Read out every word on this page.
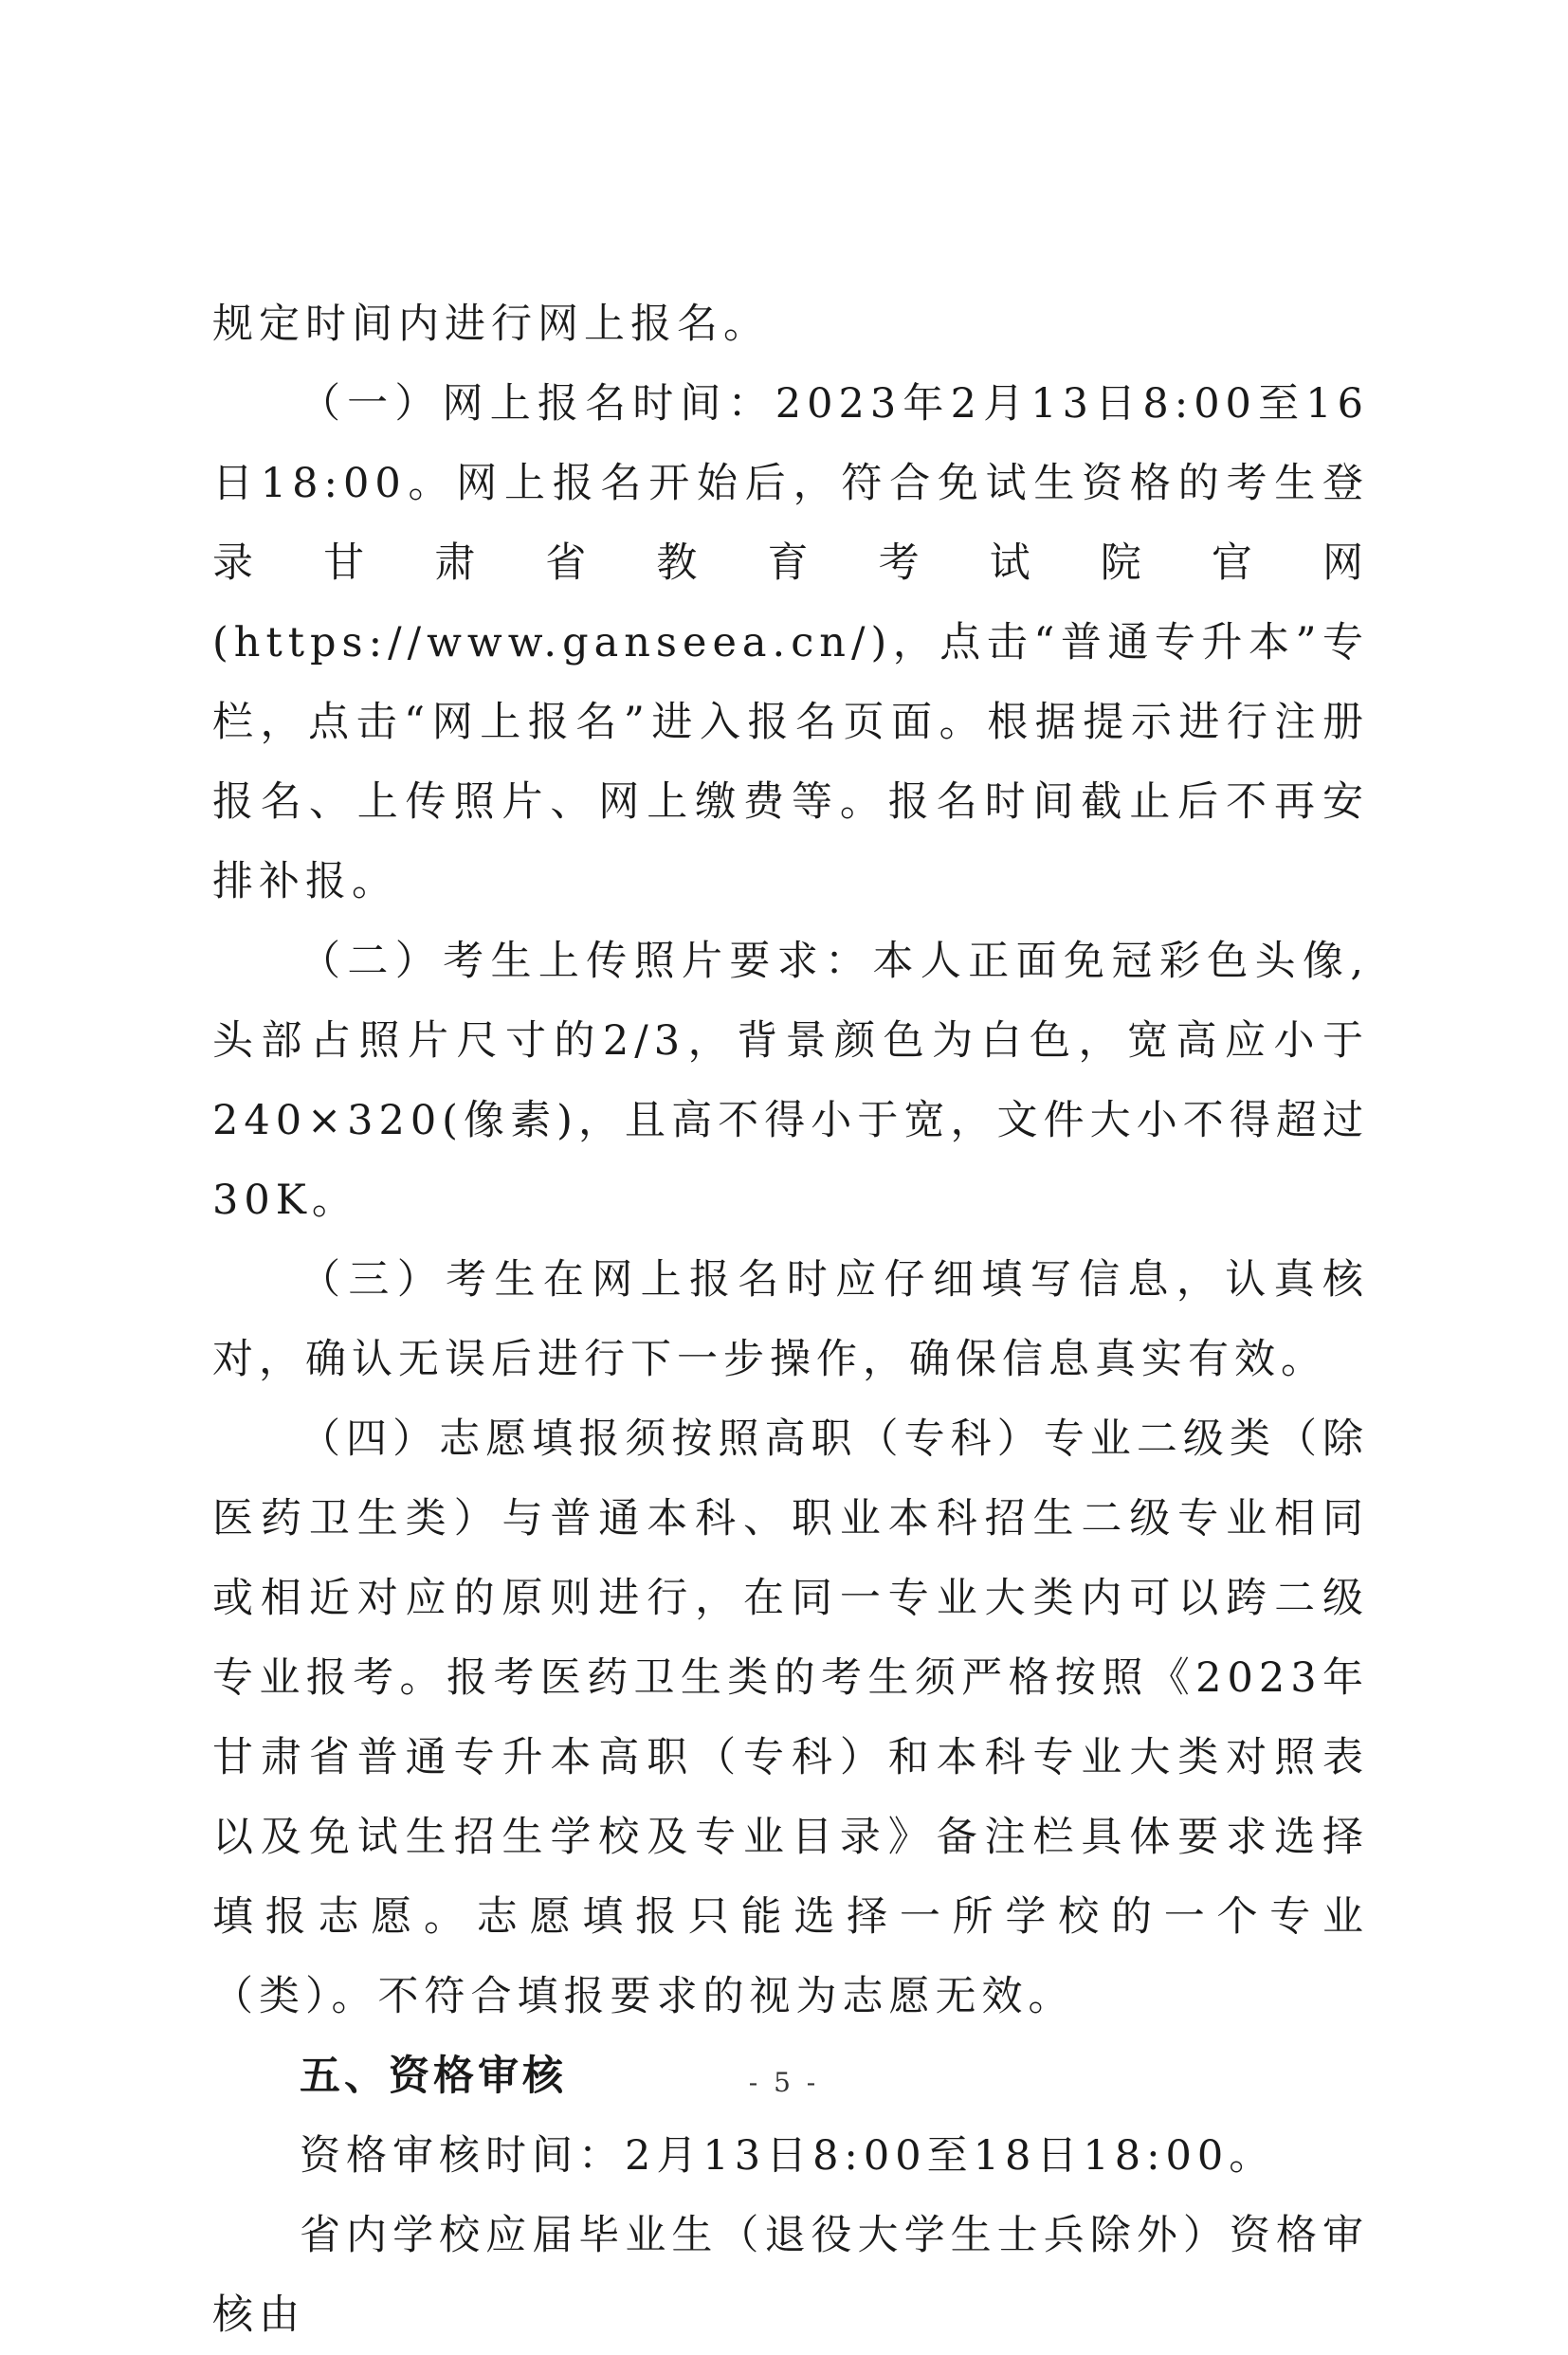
规定时间内进行网上报名。

（一）网上报名时间：2023年2月13日8:00至16日18:00。网上报名开始后，符合免试生资格的考生登录甘肃省教育考试院官网(https://www.ganseea.cn/)，点击“普通专升本”专栏，点击“网上报名”进入报名页面。根据提示进行注册报名、上传照片、网上缴费等。报名时间截止后不再安排补报。

（二）考生上传照片要求：本人正面免冠彩色头像,头部占照片尺寸的2/3，背景颜色为白色，宽高应小于240×320(像素)，且高不得小于宽，文件大小不得超过30K。

（三）考生在网上报名时应仔细填写信息，认真核对，确认无误后进行下一步操作，确保信息真实有效。

（四）志愿填报须按照高职（专科）专业二级类（除医药卫生类）与普通本科、职业本科招生二级专业相同或相近对应的原则进行，在同一专业大类内可以跨二级专业报考。报考医药卫生类的考生须严格按照《2023年甘肃省普通专升本高职（专科）和本科专业大类对照表以及免试生招生学校及专业目录》备注栏具体要求选择填报志愿。志愿填报只能选择一所学校的一个专业（类）。不符合填报要求的视为志愿无效。

五、资格审核

资格审核时间：2月13日8:00至18日18:00。

省内学校应届毕业生（退役大学生士兵除外）资格审核由

- 5 -
